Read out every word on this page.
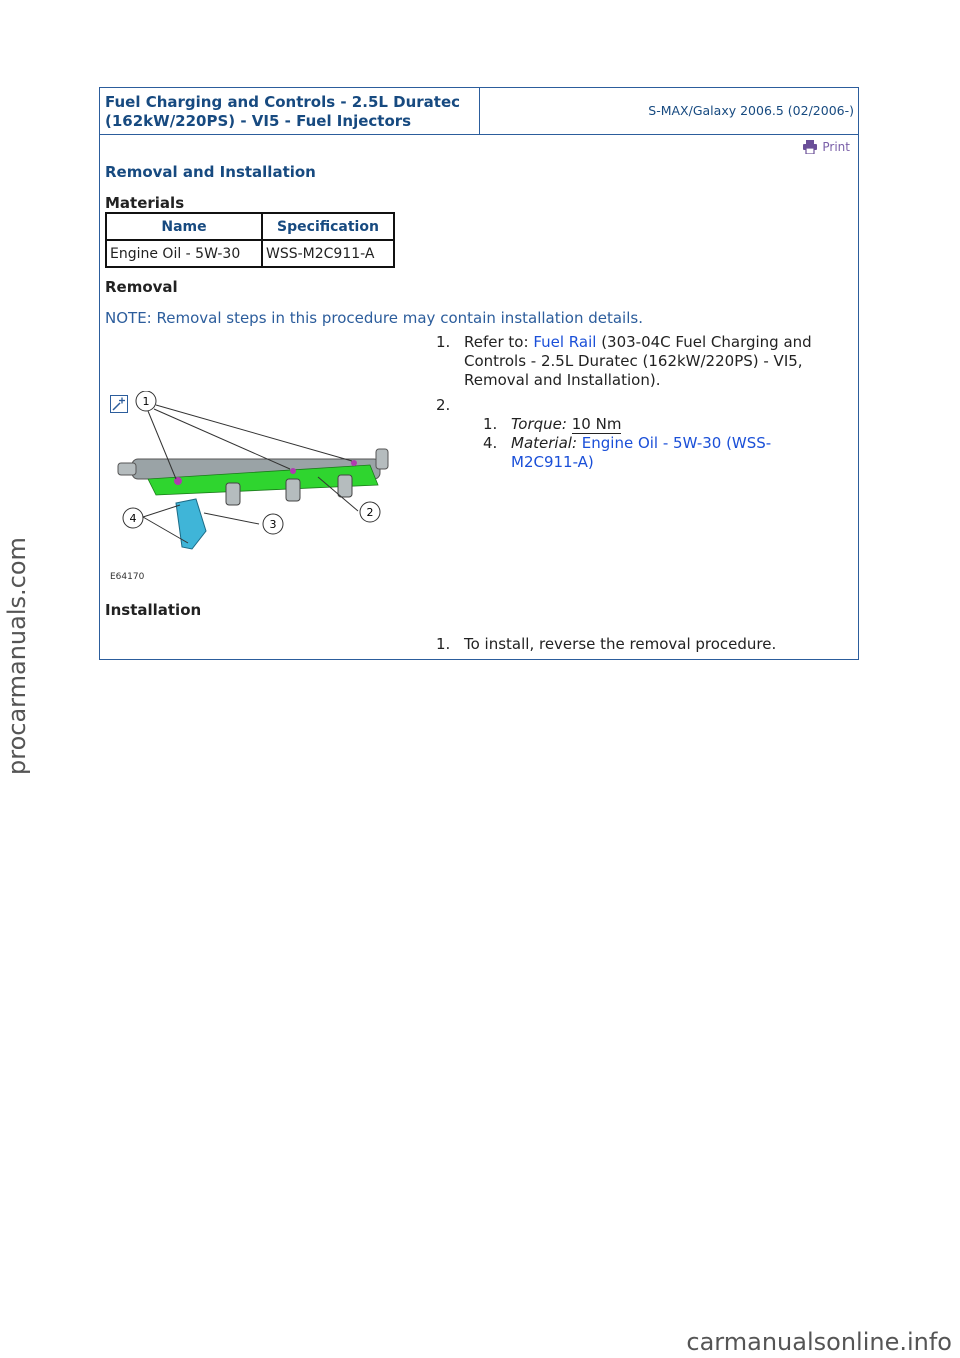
Fuel Charging and Controls - 2.5L Duratec
(162kW/220PS) - VI5 - Fuel Injectors
S-MAX/Galaxy 2006.5 (02/2006-)
Print
Removal and Installation
Materials
Name	Specification
Engine Oil - 5W-30	WSS-M2C911-A
Removal
NOTE: Removal steps in this procedure may contain installation details.
1. Refer to: Fuel Rail (303-04C Fuel Charging and Controls - 2.5L Duratec (162kW/220PS) - VI5, Removal and Installation).
2.
1. Torque: 10 Nm
4. Material: Engine Oil - 5W-30 (WSS-M2C911-A)
1
2
3
4
E64170
Installation
1. To install, reverse the removal procedure.
procarmanuals.com
carmanualsonline.info
